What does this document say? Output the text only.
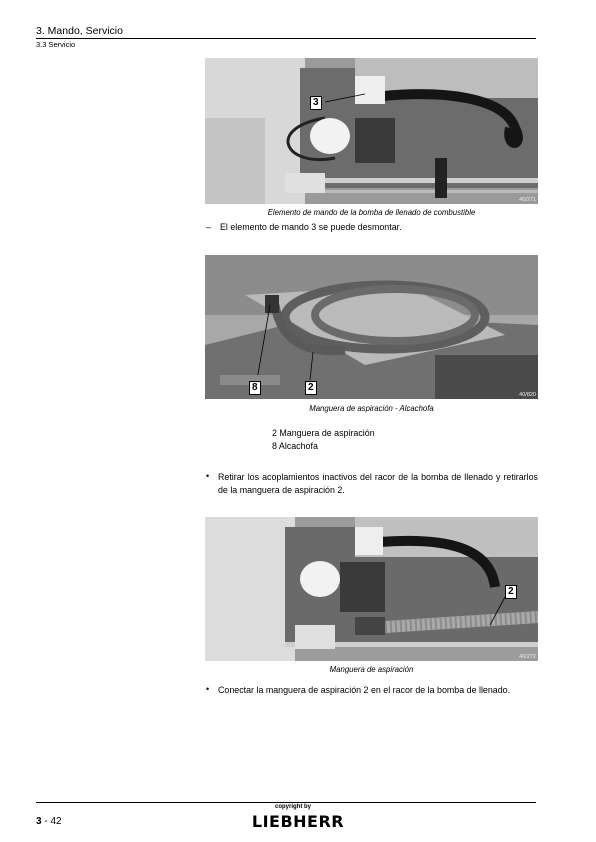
3. Mando, Servicio
3.3 Servicio
3
40/271
Elemento de mando de la bomba de llenado de combustible
– El elemento de mando 3 se puede desmontar.
8	2
40/820
Manguera de aspiración - Alcachofa
2 Manguera de aspiración
8 Alcachofa
• Retirar los acoplamientos inactivos del racor de la bomba de llenado y retirarlos de la manguera de aspiración 2.
2
40/272
Manguera de aspiración
• Conectar la manguera de aspiración 2 en el racor de la bomba de llenado.
3 - 42
copyright by
LIEBHERR
